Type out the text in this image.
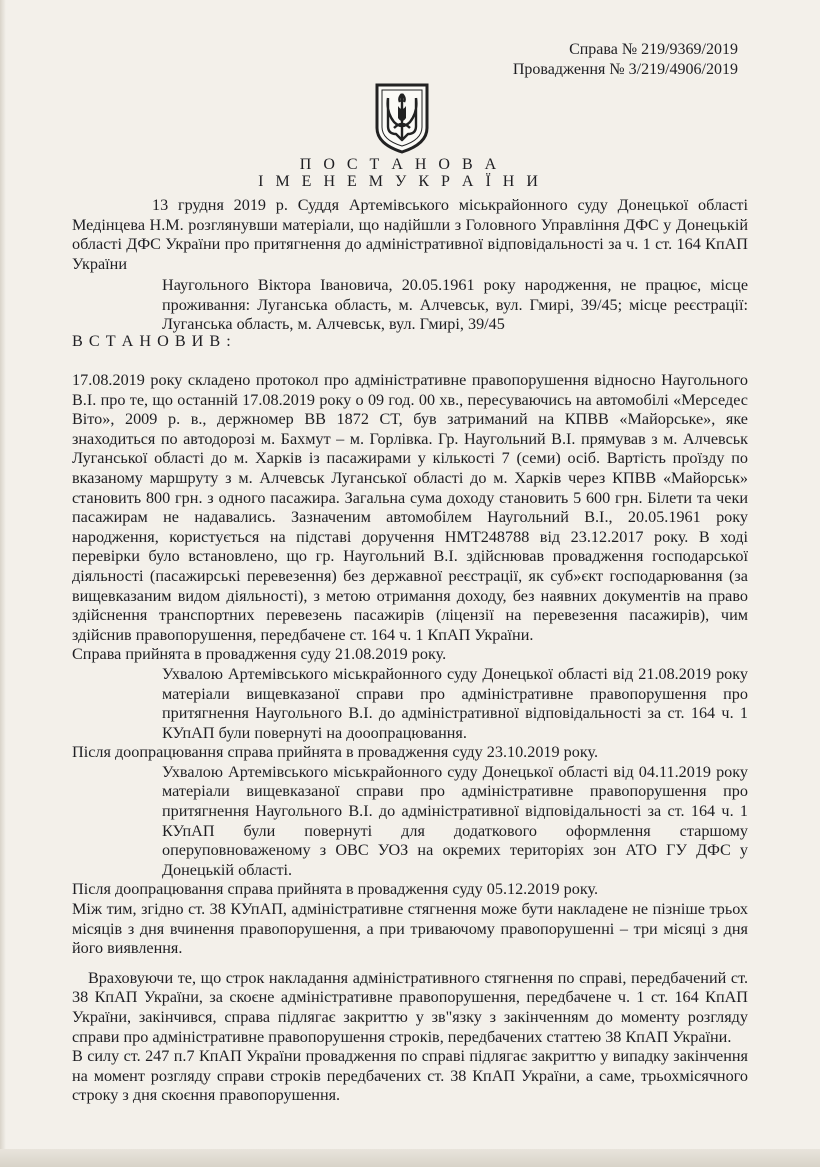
Справа № 219/9369/2019
Провадження № 3/219/4906/2019
П О С Т А Н О В А
І М Е Н Е М У К Р А Ї Н И

13 грудня 2019 р. Суддя Артемівського міськрайонного суду Донецької області Медінцева Н.М. розглянувши матеріали, що надійшли з Головного Управління ДФС у Донецькій області ДФС України про притягнення до адміністративної відповідальності за ч. 1 ст. 164 КпАП України

Наугольного Віктора Івановича, 20.05.1961 року народження, не працює, місце проживання: Луганська область, м. Алчевськ, вул. Гмирі, 39/45; місце реєстрації: Луганська область, м. Алчевськ, вул. Гмирі, 39/45

В С Т А Н О В И В :

17.08.2019 року складено протокол про адміністративне правопорушення відносно Наугольного В.І. про те, що останній 17.08.2019 року о 09 год. 00 хв., пересуваючись на автомобілі «Мерседес Віто», 2009 р. в., держномер ВВ 1872 СТ, був затриманий на КПВВ «Майорське», яке знаходиться по автодорозі м. Бахмут – м. Горлівка. Гр. Наугольний В.І. прямував з м. Алчевськ Луганської області до м. Харків із пасажирами у кількості 7 (семи) осіб. Вартість проїзду по вказаному маршруту з м. Алчевськ Луганської області до м. Харків через КПВВ «Майорськ» становить 800 грн. з одного пасажира. Загальна сума доходу становить 5 600 грн. Білети та чеки пасажирам не надавались. Зазначеним автомобілем Наугольний В.І., 20.05.1961 року народження, користується на підставі доручення НМТ248788 від 23.12.2017 року. В ході перевірки було встановлено, що гр. Наугольний В.І. здійснював провадження господарської діяльності (пасажирські перевезення) без державної реєстрації, як суб»єкт господарювання (за вищевказаним видом діяльності), з метою отримання доходу, без наявних документів на право здійснення транспортних перевезень пасажирів (ліцензії на перевезення пасажирів), чим здійснив правопорушення, передбачене ст. 164 ч. 1 КпАП України.

Справа прийнята в провадження суду 21.08.2019 року.

Ухвалою Артемівського міськрайонного суду Донецької області від 21.08.2019 року матеріали вищевказаної справи про адміністративне правопорушення про притягнення Наугольного В.І. до адміністративної відповідальності за ст. 164 ч. 1 КУпАП були повернуті на дооопрацювання.

Після доопрацювання справа прийнята в провадження суду 23.10.2019 року.

Ухвалою Артемівського міськрайонного суду Донецької області від 04.11.2019 року матеріали вищевказаної справи про адміністративне правопорушення про притягнення Наугольного В.І. до адміністративної відповідальності за ст. 164 ч. 1 КУпАП були повернуті для додаткового оформлення старшому оперуповноваженому з ОВС УОЗ на окремих територіях зон АТО ГУ ДФС у Донецькій області.

Після доопрацювання справа прийнята в провадження суду 05.12.2019 року.

Між тим, згідно ст. 38 КУпАП, адміністративне стягнення може бути накладене не пізніше трьох місяців з дня вчинення правопорушення, а при триваючому правопорушенні – три місяці з дня його виявлення.

Враховуючи те, що строк накладання адміністративного стягнення по справі, передбачений ст. 38 КпАП України, за скоєне адміністративне правопорушення, передбачене ч. 1 ст. 164 КпАП України, закінчився, справа підлягає закриттю у зв"язку з закінченням до моменту розгляду справи про адміністративне правопорушення строків, передбачених статтею 38 КпАП України.

В силу ст. 247 п.7 КпАП України провадження по справі підлягає закриттю у випадку закінчення на момент розгляду справи строків передбачених ст. 38 КпАП України, а саме, трьохмісячного строку з дня скоєння правопорушення.
